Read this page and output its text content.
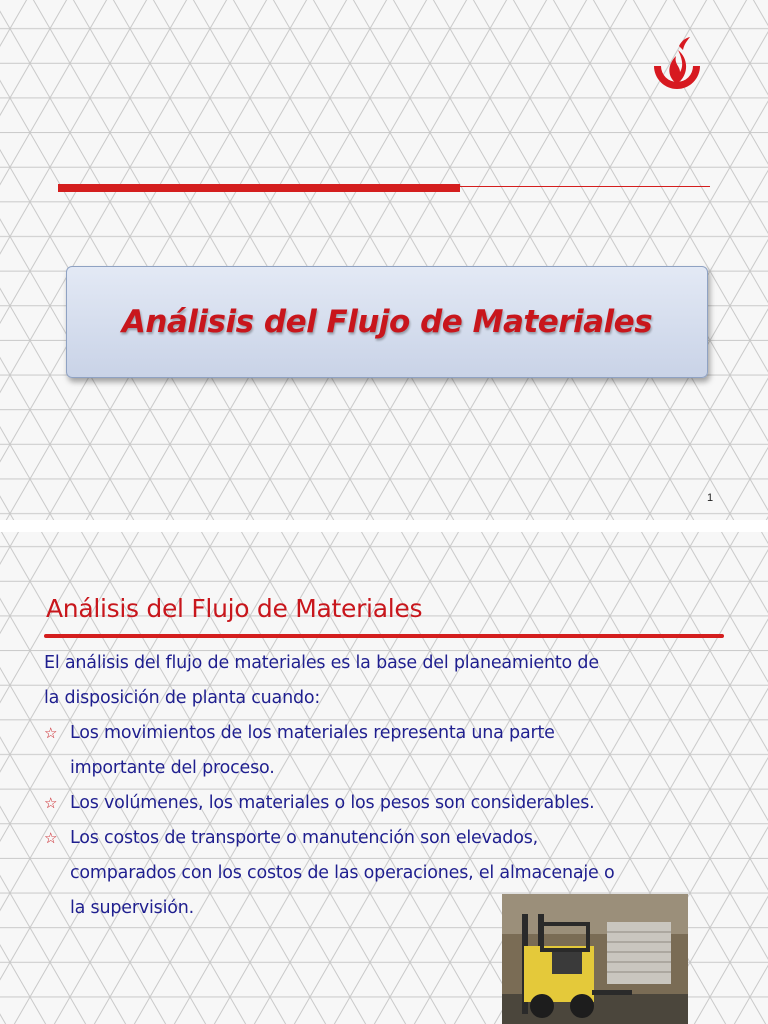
Análisis del Flujo de Materiales
1
Análisis del Flujo de Materiales
El análisis del flujo de materiales es la base del planeamiento de
la disposición de planta cuando:
☆ Los movimientos de los materiales representa una parte
importante del proceso.
☆ Los volúmenes, los materiales o los pesos son considerables.
☆ Los costos de transporte o manutención son elevados,
comparados con los costos de las operaciones, el almacenaje o
la supervisión.
